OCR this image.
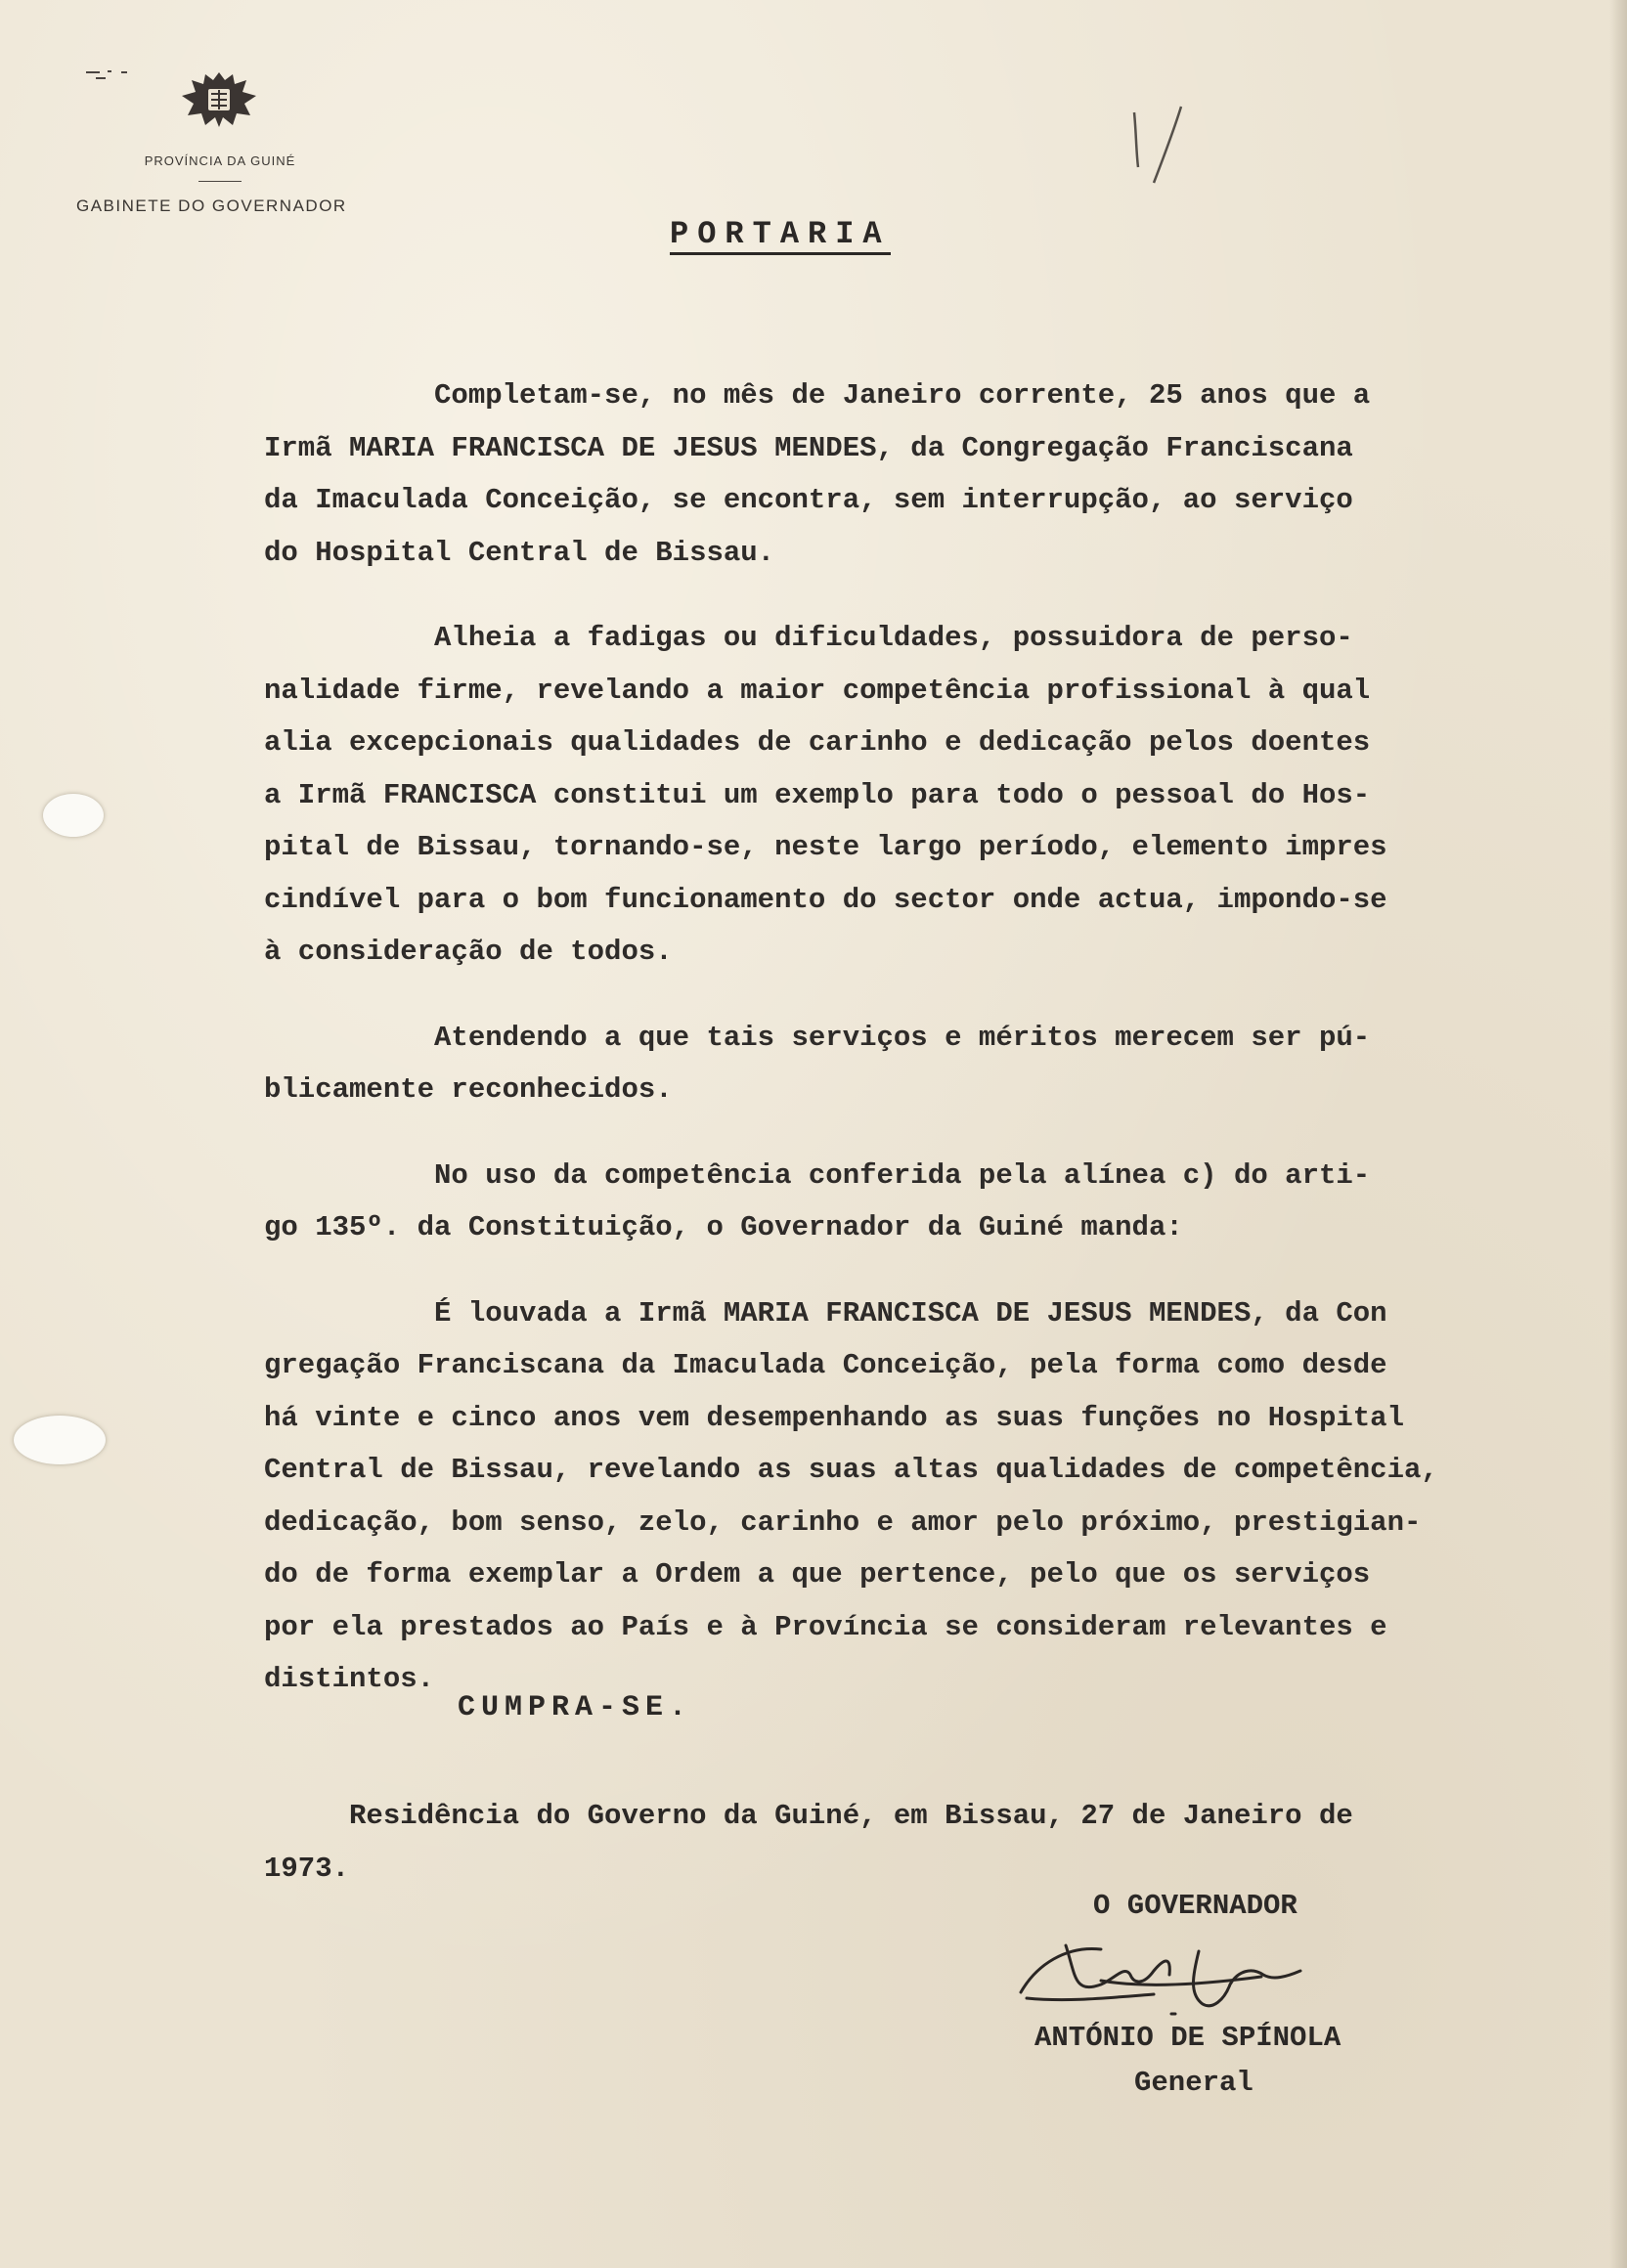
PROVÍNCIA DA GUINÉ
GABINETE DO GOVERNADOR
PORTARIA

Completam-se, no mês de Janeiro corrente, 25 anos que a
Irmã MARIA FRANCISCA DE JESUS MENDES, da Congregação Franciscana
da Imaculada Conceição, se encontra, sem interrupção, ao serviço
do Hospital Central de Bissau.

Alheia a fadigas ou dificuldades, possuidora de perso-
nalidade firme, revelando a maior competência profissional à qual
alia excepcionais qualidades de carinho e dedicação pelos doentes
a Irmã FRANCISCA constitui um exemplo para todo o pessoal do Hos-
pital de Bissau, tornando-se, neste largo período, elemento impres
cindível para o bom funcionamento do sector onde actua, impondo-se
à consideração de todos.

Atendendo a que tais serviços e méritos merecem ser pú-
blicamente reconhecidos.

No uso da competência conferida pela alínea c) do arti-
go 135º. da Constituição, o Governador da Guiné manda:

É louvada a Irmã MARIA FRANCISCA DE JESUS MENDES, da Con
gregação Franciscana da Imaculada Conceição, pela forma como desde
há vinte e cinco anos vem desempenhando as suas funções no Hospital
Central de Bissau, revelando as suas altas qualidades de competência,
dedicação, bom senso, zelo, carinho e amor pelo próximo, prestigian-
do de forma exemplar a Ordem a que pertence, pelo que os serviços
por ela prestados ao País e à Província se consideram relevantes e
distintos.

CUMPRA-SE.
Residência do Governo da Guiné, em Bissau, 27 de Janeiro de
1973.
O GOVERNADOR
ANTÓNIO DE SPÍNOLA
General
